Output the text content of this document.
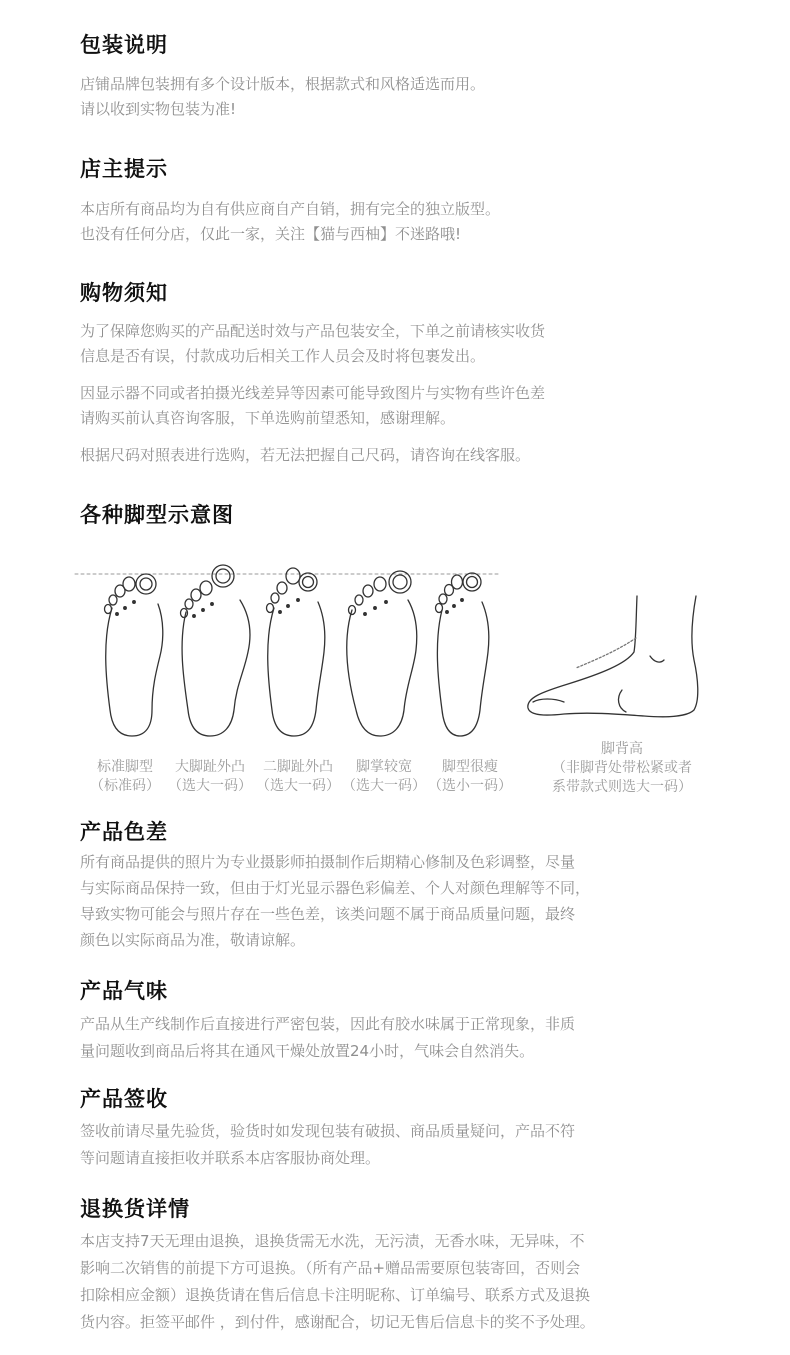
包装说明
店铺品牌包装拥有多个设计版本，根据款式和风格适选而用。
请以收到实物包装为准!
店主提示
本店所有商品均为自有供应商自产自销，拥有完全的独立版型。
也没有任何分店，仅此一家，关注【猫与西柚】不迷路哦!
购物须知
为了保障您购买的产品配送时效与产品包装安全，下单之前请核实收货
信息是否有误，付款成功后相关工作人员会及时将包裹发出。
因显示器不同或者拍摄光线差异等因素可能导致图片与实物有些许色差
请购买前认真咨询客服，下单选购前望悉知，感谢理解。
根据尺码对照表进行选购，若无法把握自己尺码，请咨询在线客服。
各种脚型示意图
标准脚型
（标准码）
大脚趾外凸
（选大一码）
二脚趾外凸
（选大一码）
脚掌较宽
（选大一码）
脚型很瘦
（选小一码）
脚背高
（非脚背处带松紧或者
系带款式则选大一码）
产品色差
所有商品提供的照片为专业摄影师拍摄制作后期精心修制及色彩调整，尽量
与实际商品保持一致，但由于灯光显示器色彩偏差、个人对颜色理解等不同，
导致实物可能会与照片存在一些色差，该类问题不属于商品质量问题，最终
颜色以实际商品为准，敬请谅解。
产品气味
产品从生产线制作后直接进行严密包装，因此有胶水味属于正常现象，非质
量问题收到商品后将其在通风干燥处放置24小时，气味会自然消失。
产品签收
签收前请尽量先验货，验货时如发现包装有破损、商品质量疑问，产品不符
等问题请直接拒收并联系本店客服协商处理。
退换货详情
本店支持7天无理由退换，退换货需无水洗，无污渍，无香水味，无异味，不
影响二次销售的前提下方可退换。（所有产品+赠品需要原包装寄回，否则会
扣除相应金额）退换货请在售后信息卡注明昵称、订单编号、联系方式及退换
货内容。拒签平邮件 ，到付件，感谢配合，切记无售后信息卡的奖不予处理。
